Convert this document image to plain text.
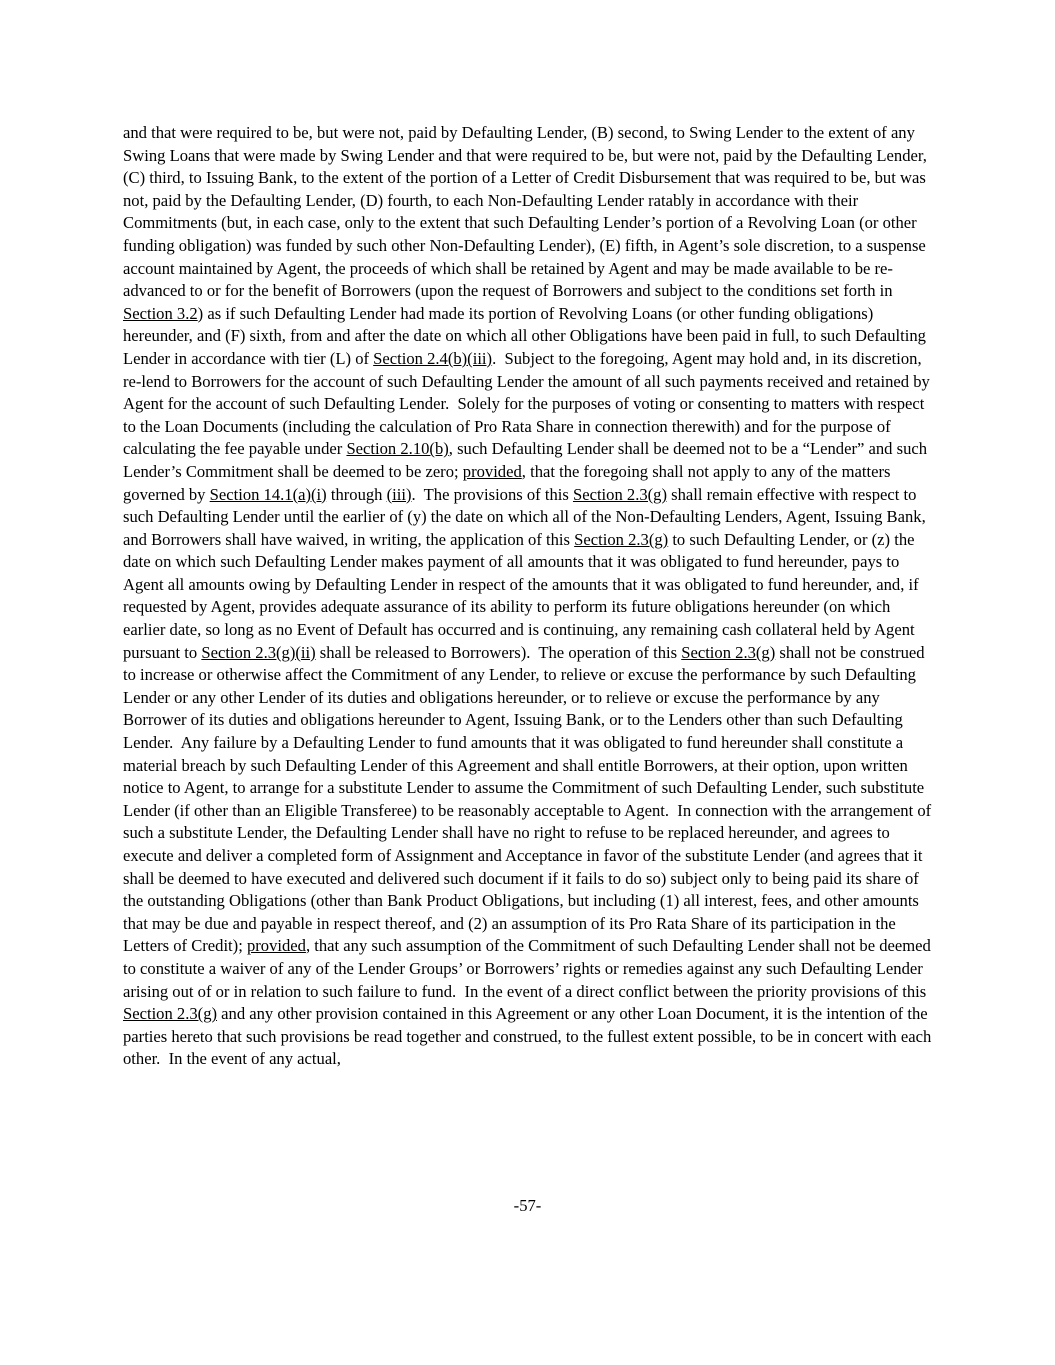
and that were required to be, but were not, paid by Defaulting Lender, (B) second, to Swing Lender to the extent of any Swing Loans that were made by Swing Lender and that were required to be, but were not, paid by the Defaulting Lender,  (C) third, to Issuing Bank, to the extent of the portion of a Letter of Credit Disbursement that was required to be, but was not, paid by the Defaulting Lender, (D) fourth, to each Non-Defaulting Lender ratably in accordance with their Commitments (but, in each case, only to the extent that such Defaulting Lender’s portion of a Revolving Loan (or other funding obligation) was funded by such other Non-Defaulting Lender), (E) fifth, in Agent’s sole discretion, to a suspense account maintained by Agent, the proceeds of which shall be retained by Agent and may be made available to be re-advanced to or for the benefit of Borrowers (upon the request of Borrowers and subject to the conditions set forth in Section 3.2) as if such Defaulting Lender had made its portion of Revolving Loans (or other funding obligations) hereunder, and (F) sixth, from and after the date on which all other Obligations have been paid in full, to such Defaulting Lender in accordance with tier (L) of Section 2.4(b)(iii).  Subject to the foregoing, Agent may hold and, in its discretion, re-lend to Borrowers for the account of such Defaulting Lender the amount of all such payments received and retained by Agent for the account of such Defaulting Lender.  Solely for the purposes of voting or consenting to matters with respect to the Loan Documents (including the calculation of Pro Rata Share in connection therewith) and for the purpose of calculating the fee payable under Section 2.10(b), such Defaulting Lender shall be deemed not to be a “Lender” and such Lender’s Commitment shall be deemed to be zero; provided, that the foregoing shall not apply to any of the matters governed by Section 14.1(a)(i) through (iii).  The provisions of this Section 2.3(g) shall remain effective with respect to such Defaulting Lender until the earlier of (y) the date on which all of the Non-Defaulting Lenders, Agent, Issuing Bank, and Borrowers shall have waived, in writing, the application of this Section 2.3(g) to such Defaulting Lender, or (z) the date on which such Defaulting Lender makes payment of all amounts that it was obligated to fund hereunder, pays to Agent all amounts owing by Defaulting Lender in respect of the amounts that it was obligated to fund hereunder, and, if requested by Agent, provides adequate assurance of its ability to perform its future obligations hereunder (on which earlier date, so long as no Event of Default has occurred and is continuing, any remaining cash collateral held by Agent pursuant to Section 2.3(g)(ii) shall be released to Borrowers).  The operation of this Section 2.3(g) shall not be construed to increase or otherwise affect the Commitment of any Lender, to relieve or excuse the performance by such Defaulting Lender or any other Lender of its duties and obligations hereunder, or to relieve or excuse the performance by any Borrower of its duties and obligations hereunder to Agent, Issuing Bank, or to the Lenders other than such Defaulting Lender.  Any failure by a Defaulting Lender to fund amounts that it was obligated to fund hereunder shall constitute a material breach by such Defaulting Lender of this Agreement and shall entitle Borrowers, at their option, upon written notice to Agent, to arrange for a substitute Lender to assume the Commitment of such Defaulting Lender, such substitute Lender (if other than an Eligible Transferee) to be reasonably acceptable to Agent.  In connection with the arrangement of such a substitute Lender, the Defaulting Lender shall have no right to refuse to be replaced hereunder, and agrees to execute and deliver a completed form of Assignment and Acceptance in favor of the substitute Lender (and agrees that it shall be deemed to have executed and delivered such document if it fails to do so) subject only to being paid its share of the outstanding Obligations (other than Bank Product Obligations, but including (1) all interest, fees, and other amounts that may be due and payable in respect thereof, and (2) an assumption of its Pro Rata Share of its participation in the Letters of Credit); provided, that any such assumption of the Commitment of such Defaulting Lender shall not be deemed to constitute a waiver of any of the Lender Groups’ or Borrowers’ rights or remedies against any such Defaulting Lender arising out of or in relation to such failure to fund.  In the event of a direct conflict between the priority provisions of this Section 2.3(g) and any other provision contained in this Agreement or any other Loan Document, it is the intention of the parties hereto that such provisions be read together and construed, to the fullest extent possible, to be in concert with each other.  In the event of any actual,
-57-
